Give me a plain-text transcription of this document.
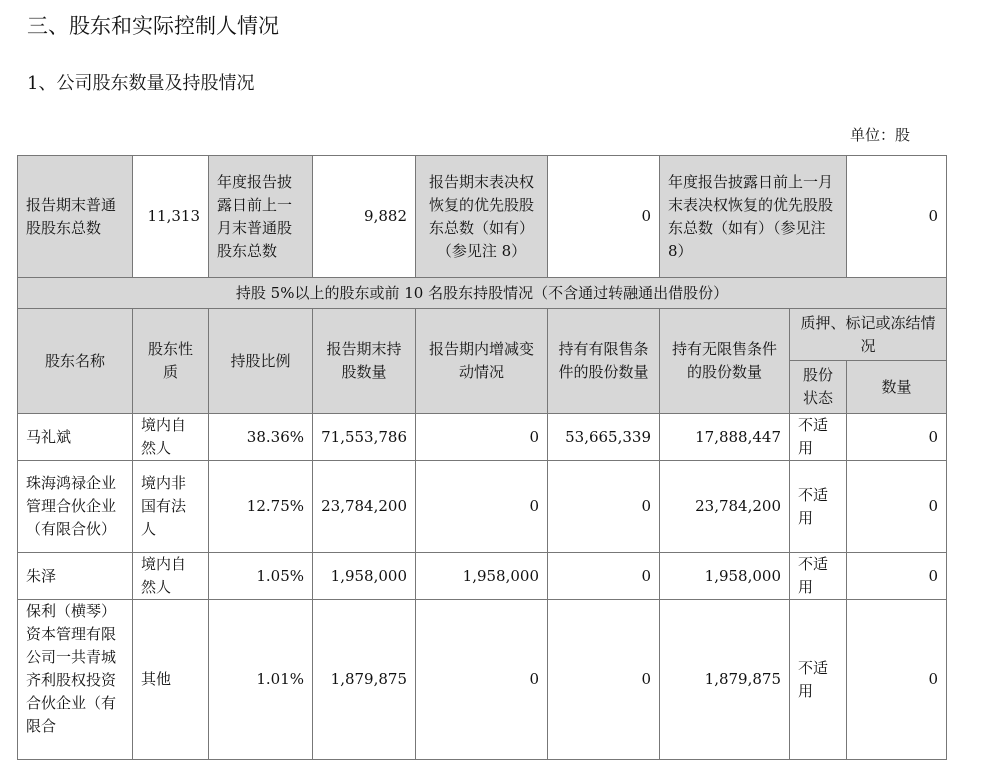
三、股东和实际控制人情况
1、公司股东数量及持股情况
单位：股
报告期末普通股股东总数	11,313	年度报告披露日前上一月末普通股股东总数	9,882	报告期末表决权恢复的优先股股东总数（如有）（参见注 8）	0	年度报告披露日前上一月末表决权恢复的优先股股东总数（如有）（参见注 8）		0
持股 5%以上的股东或前 10 名股东持股情况（不含通过转融通出借股份）								
股东名称	股东性质	持股比例	报告期末持股数量	报告期内增减变动情况	持有有限售条件的股份数量	持有无限售条件的股份数量	质押、标记或冻结情况	
							股份状态	数量
马礼斌	境内自然人	38.36%	71,553,786	0	53,665,339	17,888,447	不适用	0
珠海鸿禄企业管理合伙企业（有限合伙）	境内非国有法人	12.75%	23,784,200	0	0	23,784,200	不适用	0
朱泽	境内自然人	1.05%	1,958,000	1,958,000	0	1,958,000	不适用	0
保利（横琴）资本管理有限公司一共青城齐利股权投资合伙企业（有限合	其他	1.01%	1,879,875	0	0	1,879,875	不适用	0
